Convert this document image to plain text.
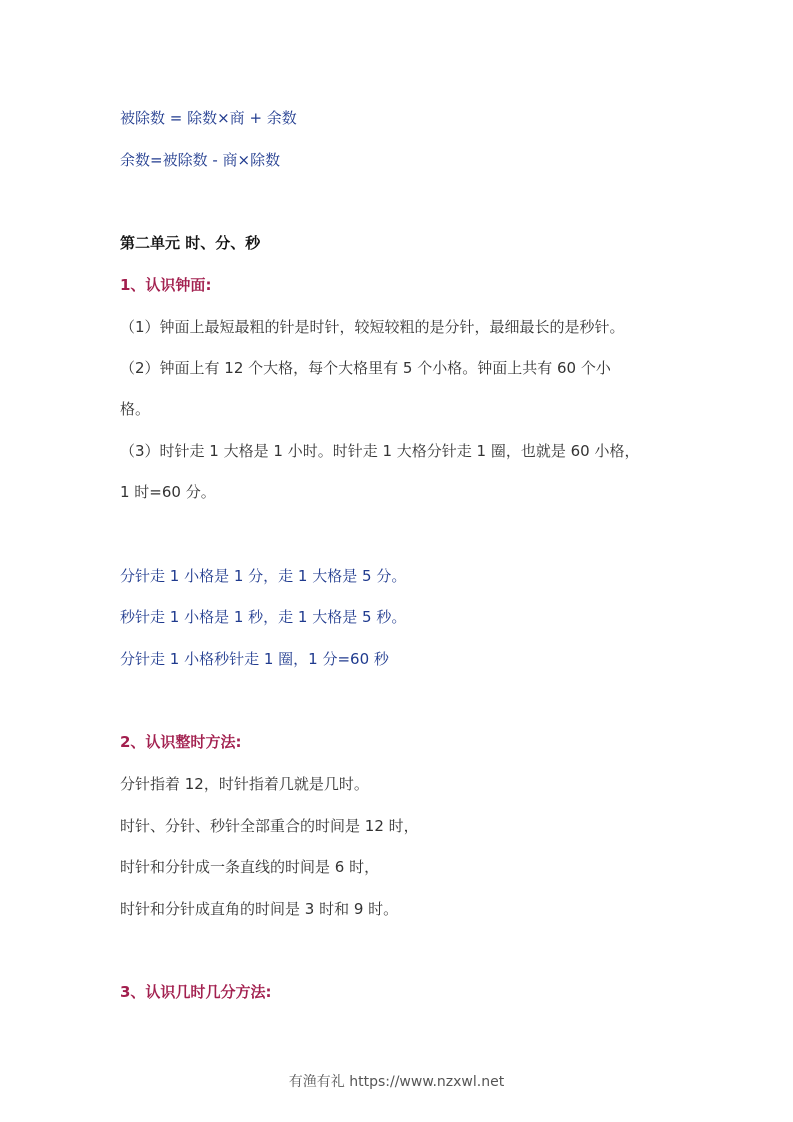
被除数 = 除数×商 + 余数
余数=被除数 - 商×除数
第二单元 时、分、秒
1、认识钟面:
（1）钟面上最短最粗的针是时针，较短较粗的是分针，最细最长的是秒针。
（2）钟面上有 12 个大格，每个大格里有 5 个小格。钟面上共有 60 个小
格。
（3）时针走 1 大格是 1 小时。时针走 1 大格分针走 1 圈，也就是 60 小格，
1 时=60 分。
分针走 1 小格是 1 分，走 1 大格是 5 分。
秒针走 1 小格是 1 秒，走 1 大格是 5 秒。
分针走 1 小格秒针走 1 圈，1 分=60 秒
2、认识整时方法:
分针指着 12，时针指着几就是几时。
时针、分针、秒针全部重合的时间是 12 时，
时针和分针成一条直线的时间是 6 时，
时针和分针成直角的时间是 3 时和 9 时。
3、认识几时几分方法:
有渔有礼 https://www.nzxwl.net
